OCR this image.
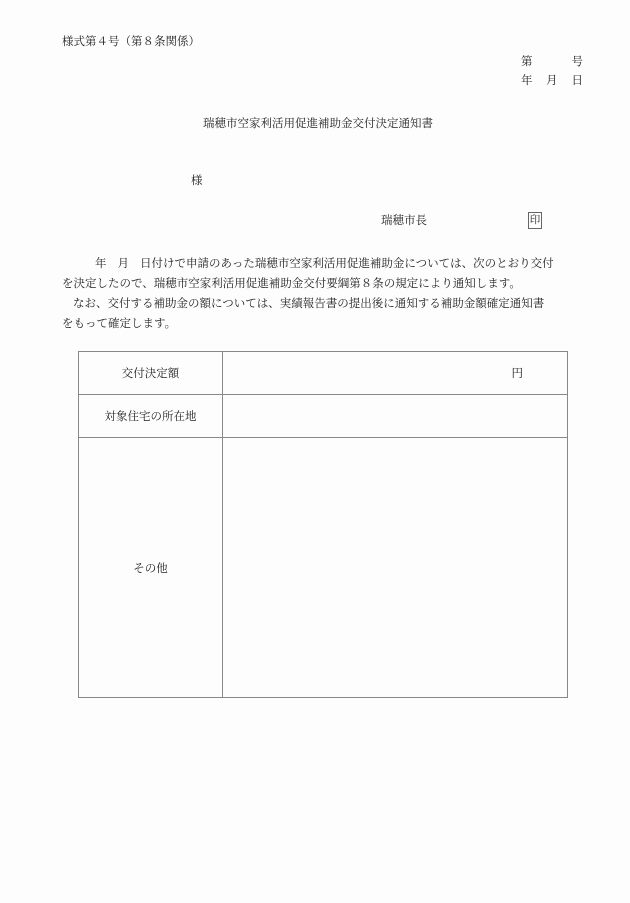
様式第４号（第８条関係）
第	号
年 月 日
瑞穂市空家利活用促進補助金交付決定通知書
様
瑞穂市長	印
年 月 日付けで申請のあった瑞穂市空家利活用促進補助金については、次のとおり交付
を決定したので、瑞穂市空家利活用促進補助金交付要綱第８条の規定により通知します。
なお、交付する補助金の額については、実績報告書の提出後に通知する補助金額確定通知書
をもって確定します。
交付決定額	円

対象住宅の所在地	
その他	
